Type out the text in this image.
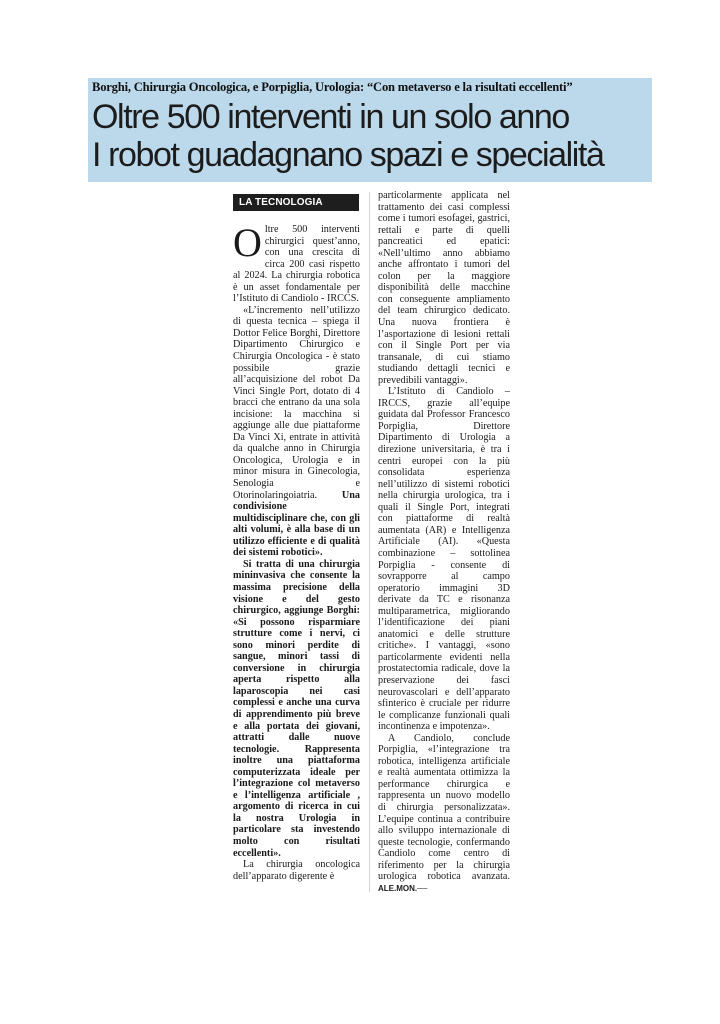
Borghi, Chirurgia Oncologica, e Porpiglia, Urologia: “Con metaverso e la risultati eccellenti”
Oltre 500 interventi in un solo anno
I robot guadagnano spazi e specialità
LA TECNOLOGIA

Oltre 500 interventi chirurgici quest’anno, con una crescita di circa 200 casi rispetto al 2024. La chirurgia robotica è un asset fondamentale per l’Istituto di Candiolo - IRCCS.

«L’incremento nell’utilizzo di questa tecnica – spiega il Dottor Felice Borghi, Direttore Dipartimento Chirurgico e Chirurgia Oncologica - è stato possibile grazie all’acquisizione del robot Da Vinci Single Port, dotato di 4 bracci che entrano da una sola incisione: la macchina si aggiunge alle due piattaforme Da Vinci Xi, entrate in attività da qualche anno in Chirurgia Oncologica, Urologia e in minor misura in Ginecologia, Senologia e Otorinolaringoiatria. Una condivisione multidisciplinare che, con gli alti volumi, è alla base di un utilizzo efficiente e di qualità dei sistemi robotici».

Si tratta di una chirurgia mininvasiva che consente la massima precisione della visione e del gesto chirurgico, aggiunge Borghi: «Si possono risparmiare strutture come i nervi, ci sono minori perdite di sangue, minori tassi di conversione in chirurgia aperta rispetto alla laparoscopia nei casi complessi e anche una curva di apprendimento più breve e alla portata dei giovani, attratti dalle nuove tecnologie. Rappresenta inoltre una piattaforma computerizzata ideale per l’integrazione col metaverso e l’intelligenza artificiale , argomento di ricerca in cui la nostra Urologia in particolare sta investendo molto con risultati eccellenti».

La chirurgia oncologica dell’apparato digerente è

particolarmente applicata nel trattamento dei casi complessi come i tumori esofagei, gastrici, rettali e parte di quelli pancreatici ed epatici: «Nell’ultimo anno abbiamo anche affrontato i tumori del colon per la maggiore disponibilità delle macchine con conseguente ampliamento del team chirurgico dedicato. Una nuova frontiera è l’asportazione di lesioni rettali con il Single Port per via transanale, di cui stiamo studiando dettagli tecnici e prevedibili vantaggi».

L’Istituto di Candiolo – IRCCS, grazie all’equipe guidata dal Professor Francesco Porpiglia, Direttore Dipartimento di Urologia a direzione universitaria, è tra i centri europei con la più consolidata esperienza nell’utilizzo di sistemi robotici nella chirurgia urologica, tra i quali il Single Port, integrati con piattaforme di realtà aumentata (AR) e Intelligenza Artificiale (AI). «Questa combinazione – sottolinea Porpiglia - consente di sovrapporre al campo operatorio immagini 3D derivate da TC e risonanza multiparametrica, migliorando l’identificazione dei piani anatomici e delle strutture critiche». I vantaggi, «sono particolarmente evidenti nella prostatectomia radicale, dove la preservazione dei fasci neurovascolari e dell’apparato sfinterico è cruciale per ridurre le complicanze funzionali quali incontinenza e impotenza».

A Candiolo, conclude Porpiglia, «l’integrazione tra robotica, intelligenza artificiale e realtà aumentata ottimizza la performance chirurgica e rappresenta un nuovo modello di chirurgia personalizzata». L’equipe continua a contribuire allo sviluppo internazionale di queste tecnologie, confermando Candiolo come centro di riferimento per la chirurgia urologica robotica avanzata. ALE.MON.—
